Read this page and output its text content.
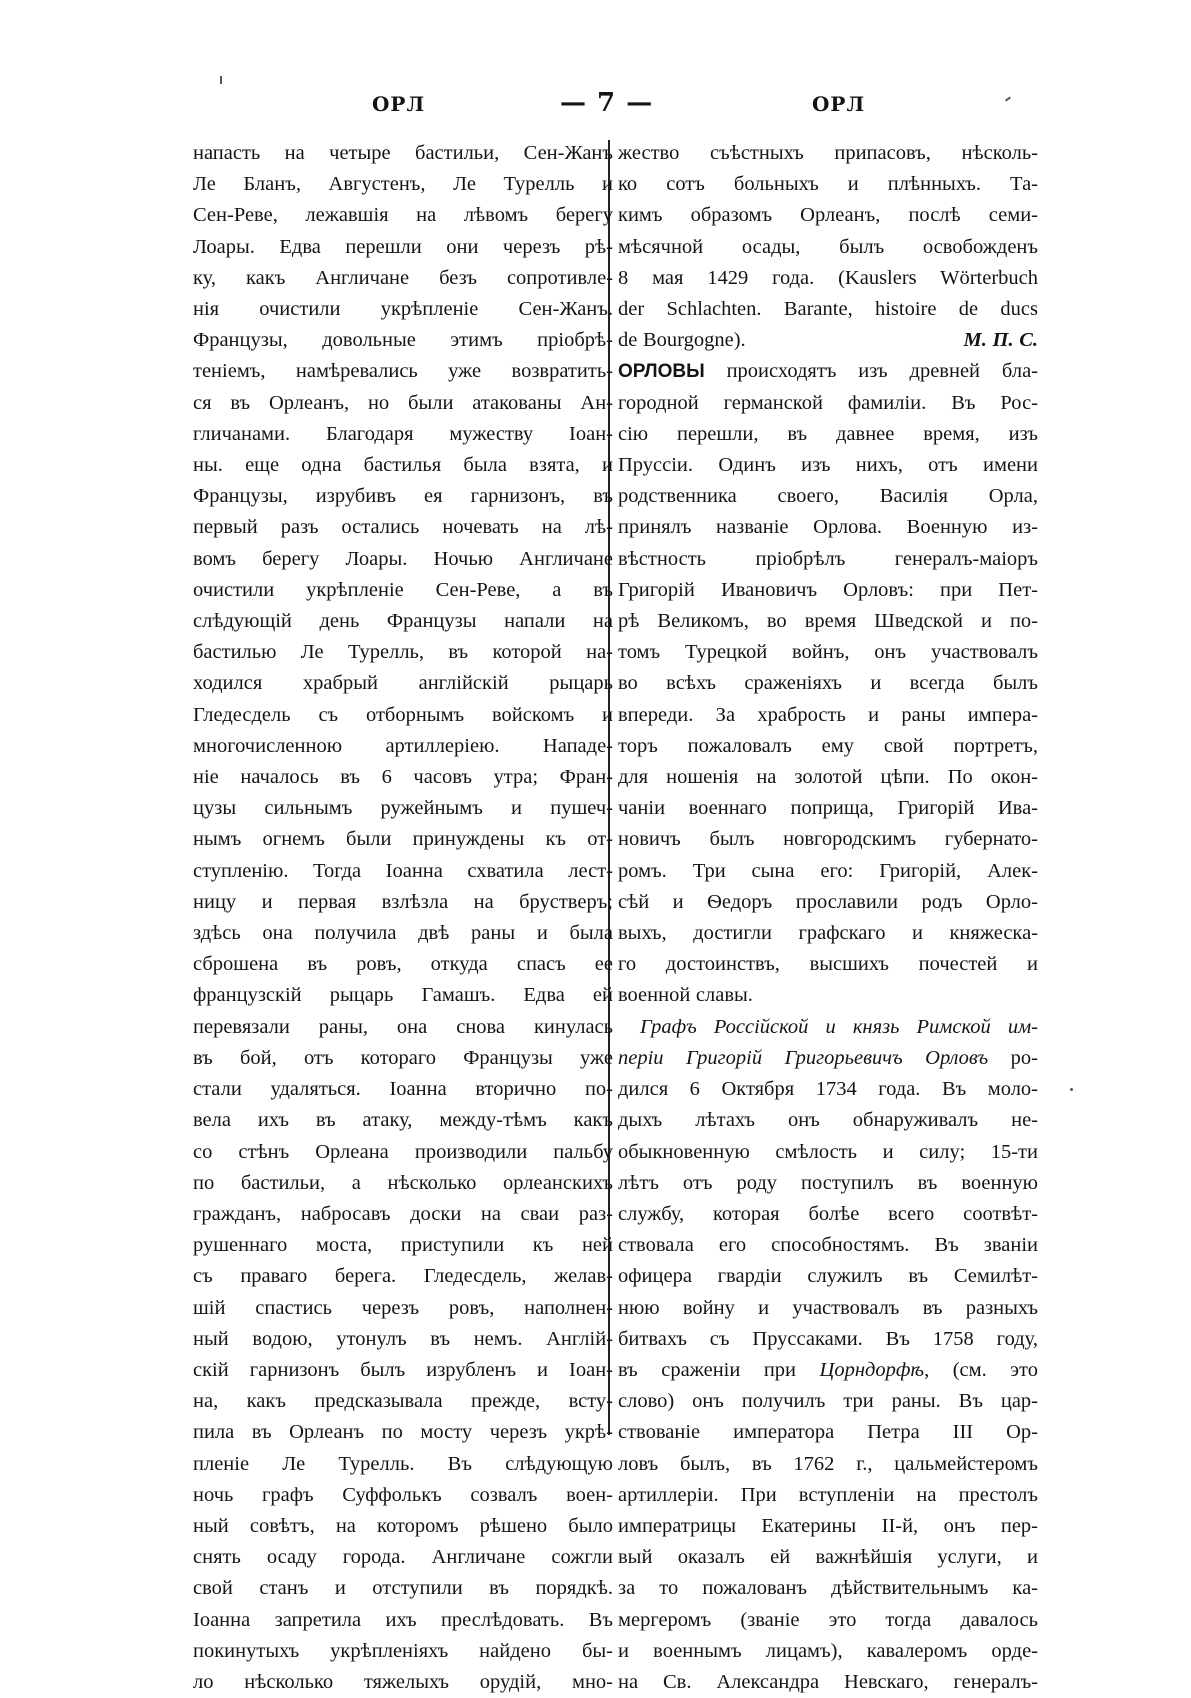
ОРЛ	— 7 —	ОРЛ
напасть на четыре бастильи, Сен-Жанъ
Ле Бланъ, Августенъ, Ле Турелль и
Сен-Реве, лежавшія на лѣвомъ берегу
Лоары. Едва перешли они черезъ рѣ-
ку, какъ Англичане безъ сопротивле-
нія очистили укрѣпленіе Сен-Жанъ.
Французы, довольные этимъ пріобрѣ-
теніемъ, намѣревались уже возвратить-
ся въ Орлеанъ, но были атакованы Ан-
гличанами. Благодаря мужеству Іоан-
ны. еще одна бастилья была взята, и
Французы, изрубивъ ея гарнизонъ, въ
первый разъ остались ночевать на лѣ-
вомъ берегу Лоары. Ночью Англичане
очистили укрѣпленіе Сен-Реве, а въ
слѣдующій день Французы напали на
бастилью Ле Турелль, въ которой на-
ходился храбрый англійскій рыцарь
Гледесдель съ отборнымъ войскомъ и
многочисленною артиллеріею. Нападе-
ніе началось въ 6 часовъ утра; Фран-
цузы сильнымъ ружейнымъ и пушеч-
нымъ огнемъ были принуждены къ от-
ступленію. Тогда Іоанна схватила лест-
ницу и первая взлѣзла на брустверъ;
здѣсь она получила двѣ раны и была
сброшена въ ровъ, откуда спасъ ее
французскій рыцарь Гамашъ. Едва ей
перевязали раны, она снова кинулась
въ бой, отъ котораго Французы уже
стали удаляться. Іоанна вторично по-
вела ихъ въ атаку, между-тѣмъ какъ
со стѣнъ Орлеана производили пальбу
по бастильи, а нѣсколько орлеанскихъ
гражданъ, набросавъ доски на сваи раз-
рушеннаго моста, приступили къ ней
съ праваго берега. Гледесдель, желав-
шій спастись черезъ ровъ, наполнен-
ный водою, утонулъ въ немъ. Англій-
скій гарнизонъ былъ изрубленъ и Іоан-
на, какъ предсказывала прежде, всту-
пила въ Орлеанъ по мосту черезъ укрѣ-
пленіе Ле Турелль. Въ слѣдующую
ночь графъ Суффолькъ созвалъ воен-
ный совѣтъ, на которомъ рѣшено было
снять осаду города. Англичане сожгли
свой станъ и отступили въ порядкѣ.
Іоанна запретила ихъ преслѣдовать. Въ
покинутыхъ укрѣпленіяхъ найдено бы-
ло нѣсколько тяжелыхъ орудій, мно-
жество съѣстныхъ припасовъ, нѣсколь-
ко сотъ больныхъ и плѣнныхъ. Та-
кимъ образомъ Орлеанъ, послѣ семи-
мѣсячной осады, былъ освобожденъ
8 мая 1429 года. (Kauslers Wörterbuch
der Schlachten. Barante, histoire de ducs
de Bourgogne).	М. П. С.
ОРЛОВЫ происходятъ изъ древней бла-
городной германской фамиліи. Въ Рос-
сію перешли, въ давнее время, изъ
Пруссіи. Одинъ изъ нихъ, отъ имени
родственника своего, Василія Орла,
принялъ названіе Орлова. Военную из-
вѣстность пріобрѣлъ генералъ-маіоръ
Григорій Ивановичъ Орловъ: при Пет-
рѣ Великомъ, во время Шведской и по-
томъ Турецкой войнъ, онъ участвовалъ
во всѣхъ сраженіяхъ и всегда былъ
впереди. За храбрость и раны импера-
торъ пожаловалъ ему свой портретъ,
для ношенія на золотой цѣпи. По окон-
чаніи военнаго поприща, Григорій Ива-
новичъ былъ новгородскимъ губернато-
ромъ. Три сына его: Григорій, Алек-
сѣй и Ѳедоръ прославили родъ Орло-
выхъ, достигли графскаго и княжеска-
го достоинствъ, высшихъ почестей и
военной славы.
Графъ Россійской и князь Римской им-
періи Григорій Григорьевичъ Орловъ ро-
дился 6 Октября 1734 года. Въ моло-
дыхъ лѣтахъ онъ обнаруживалъ не-
обыкновенную смѣлость и силу; 15-ти
лѣтъ отъ роду поступилъ въ военную
службу, которая болѣе всего соотвѣт-
ствовала его способностямъ. Въ званіи
офицера гвардіи служилъ въ Семилѣт-
нюю войну и участвовалъ въ разныхъ
битвахъ съ Пруссаками. Въ 1758 году,
въ сраженіи при Цорндорфѣ, (см. это
слово) онъ получилъ три раны. Въ цар-
ствованіе императора Петра III Ор-
ловъ былъ, въ 1762 г., цальмейстеромъ
артиллеріи. При вступленіи на престолъ
императрицы Екатерины II-й, онъ пер-
вый оказалъ ей важнѣйшія услуги, и
за то пожалованъ дѣйствительнымъ ка-
мергеромъ (званіе это тогда давалось
и военнымъ лицамъ), кавалеромъ орде-
на Св. Александра Невскаго, генералъ-
